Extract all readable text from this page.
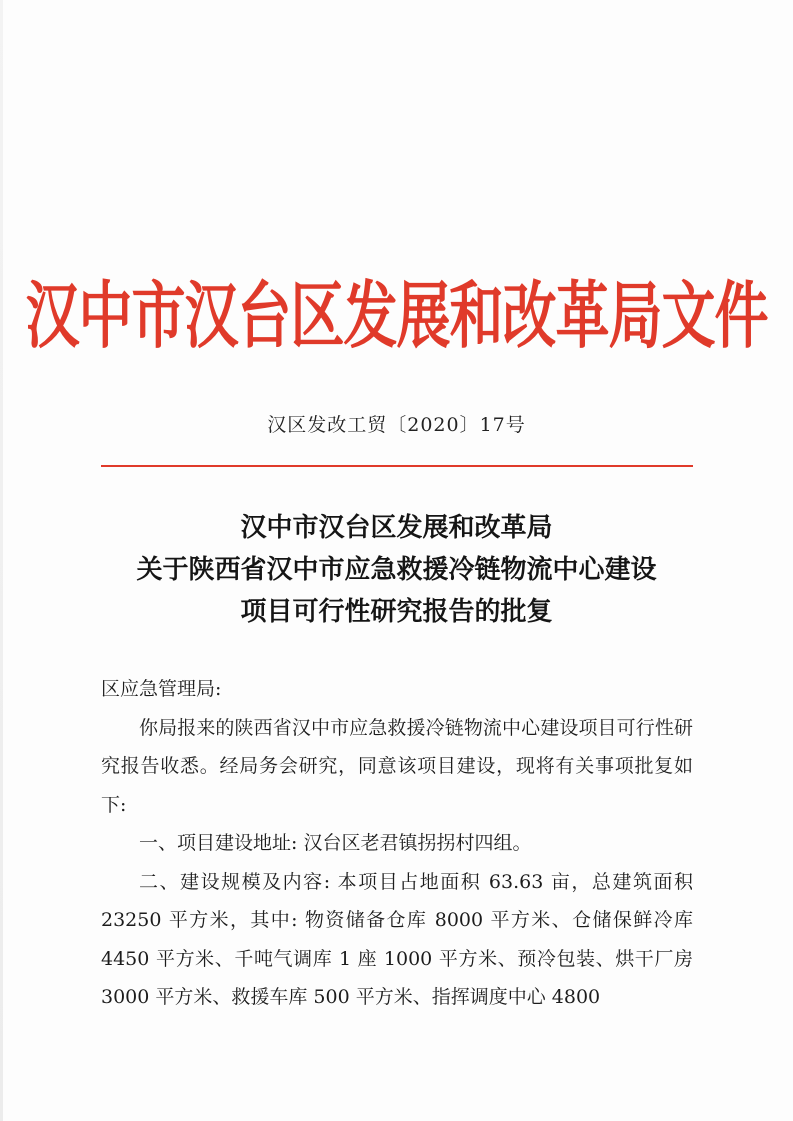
汉中市汉台区发展和改革局文件
汉区发改工贸〔2020〕17号
汉中市汉台区发展和改革局
关于陕西省汉中市应急救援冷链物流中心建设
项目可行性研究报告的批复

区应急管理局:

你局报来的陕西省汉中市应急救援冷链物流中心建设项目可行性研究报告收悉。经局务会研究，同意该项目建设，现将有关事项批复如下:

一、项目建设地址: 汉台区老君镇拐拐村四组。

二、建设规模及内容: 本项目占地面积 63.63 亩，总建筑面积 23250 平方米，其中: 物资储备仓库 8000 平方米、仓储保鲜冷库 4450 平方米、千吨气调库 1 座 1000 平方米、预冷包装、烘干厂房 3000 平方米、救援车库 500 平方米、指挥调度中心 4800
